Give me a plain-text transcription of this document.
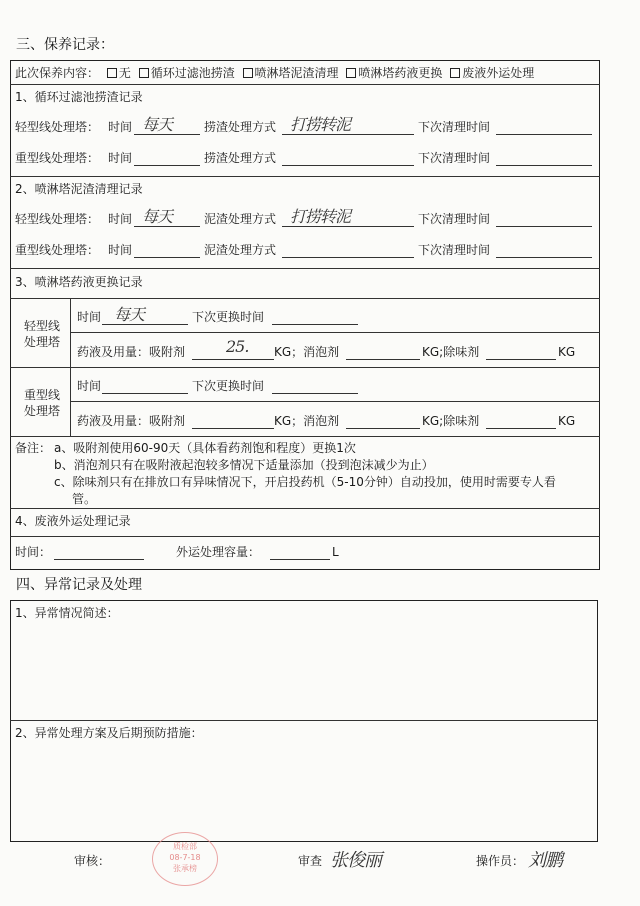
三、保养记录：
此次保养内容： 无 循环过滤池捞渣 喷淋塔泥渣清理 喷淋塔药液更换 废液外运处理
1、循环过滤池捞渣记录
轻型线处理塔： 时间 每天	捞渣处理方式 打捞转泥	下次清理时间
重型线处理塔： 时间	捞渣处理方式	下次清理时间
2、喷淋塔泥渣清理记录
轻型线处理塔： 时间 每天	泥渣处理方式 打捞转泥	下次清理时间
重型线处理塔： 时间	泥渣处理方式	下次清理时间
3、喷淋塔药液更换记录
轻型线
处理塔
时间 每天	下次更换时间
药液及用量：吸附剂	25. KG；消泡剂	KG;除味剂	KG
重型线
处理塔
时间	下次更换时间
药液及用量：吸附剂	KG；消泡剂	KG;除味剂	KG
备注： a、吸附剂使用60-90天（具体看药剂饱和程度）更换1次
b、消泡剂只有在吸附液起泡较多情况下适量添加（投到泡沫减少为止）
c、除味剂只有在排放口有异味情况下，开启投药机（5-10分钟）自动投加，使用时需要专人看
管。
4、废液外运处理记录
时间：	外运处理容量：	L
四、异常记录及处理
1、异常情况简述：
2、异常处理方案及后期预防措施：
审核：
质检部
08-7-18
张承榜
审查 张俊丽	操作员： 刘鹏
